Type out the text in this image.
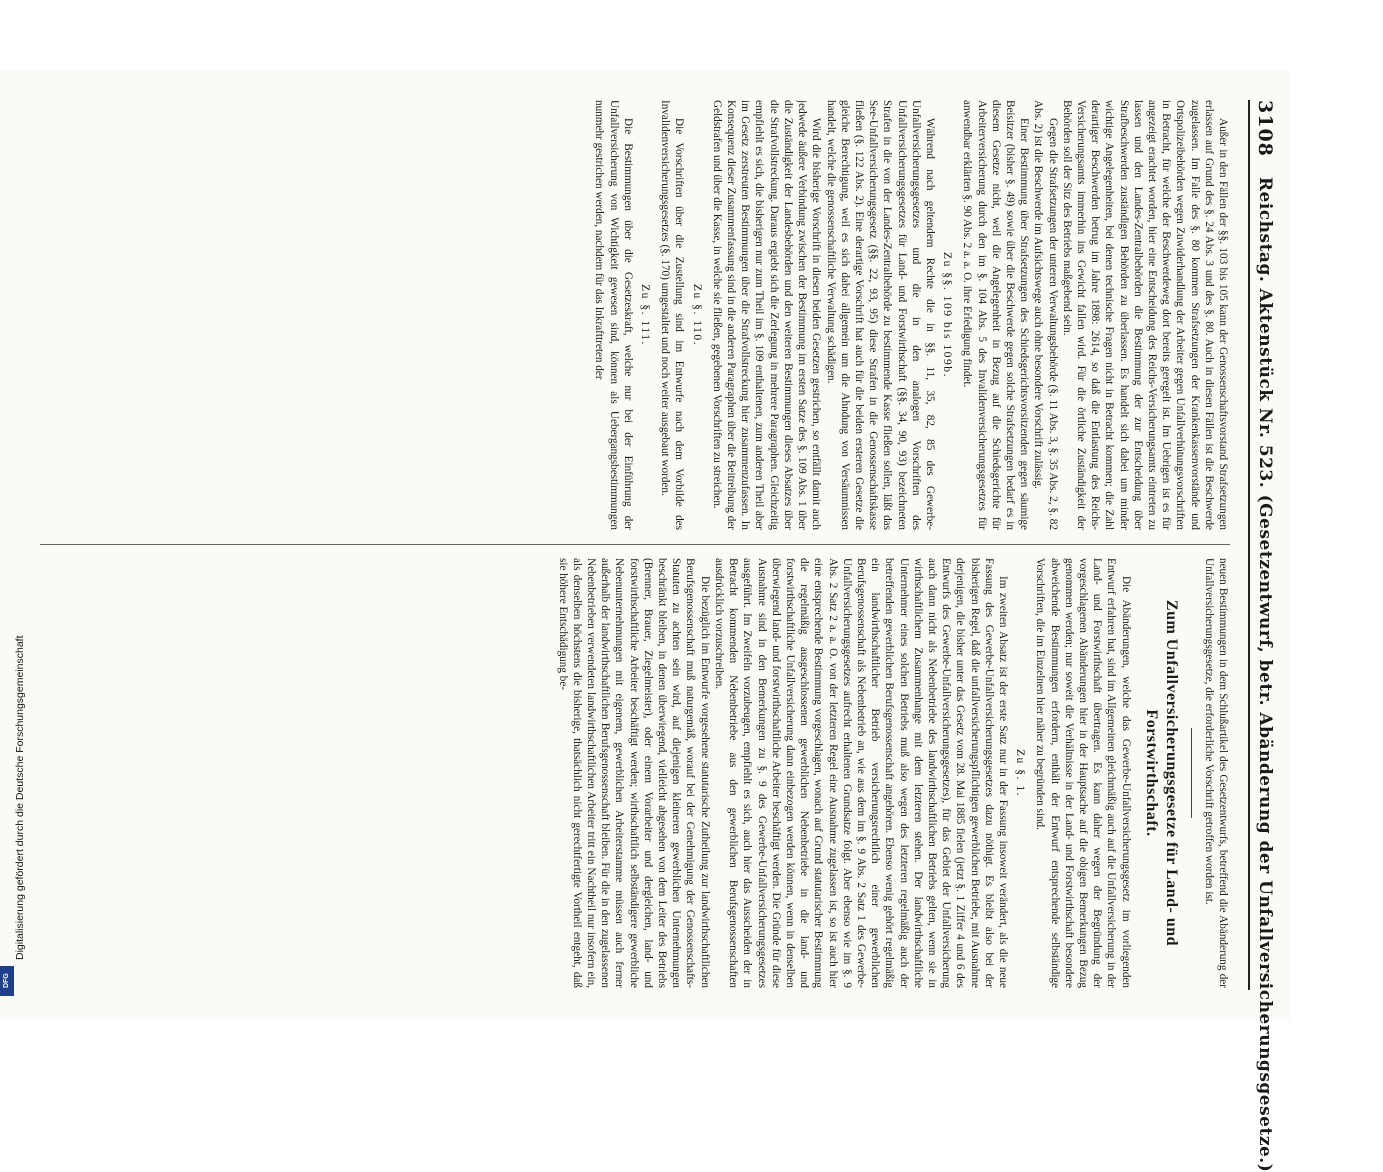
3108
Reichstag. Aktenstück Nr. 523. (Gesetzentwurf, betr. Abänderung der Unfallversicherungsgesetze.)

Außer in den Fällen der §§. 103 bis 105 kann der Genossenschaftsvorstand Strafsetzungen erlassen auf Grund des §. 24 Abs. 3 und des §. 80. Auch in diesen Fällen ist die Beschwerde zugelassen. Im Falle des §. 80 kommen Strafsetzungen der Krankenkassenvorstände und Ortspolizeibehörden wegen Zuwiderhandlung der Arbeiter gegen Unfallverhütungsvorschriften in Betracht, für welche der Beschwerdeweg dort bereits geregelt ist. Im Uebrigen ist es für angezeigt erachtet worden, hier eine Entscheidung des Reichs-Versicherungsamts eintreten zu lassen und den Landes-Zentralbehörden die Bestimmung der zur Entscheidung über Strafbeschwerden zuständigen Behörden zu überlassen. Es handelt sich dabei um minder wichtige Angelegenheiten, bei denen technische Fragen nicht in Betracht kommen; die Zahl derartiger Beschwerden betrug im Jahre 1898: 2614, so daß die Entlastung des Reichs-Versicherungsamts immerhin ins Gewicht fallen wird. Für die örtliche Zuständigkeit der Behörden soll der Sitz des Betriebs maßgebend sein.

Gegen die Strafsetzungen der unteren Verwaltungsbehörde (§. 11 Abs. 3, §. 35 Abs. 2, §. 82 Abs. 2) ist die Beschwerde im Aufsichtswege auch ohne besondere Vorschrift zulässig.

Einer Bestimmung über Strafsetzungen des Schiedsgerichtsvorsitzenden gegen säumige Beisitzer (bisher §. 49) sowie über die Beschwerde gegen solche Strafsetzungen bedarf es in diesem Gesetze nicht, weil die Angelegenheit in Bezug auf die Schiedsgerichte für Arbeiterversicherung durch den im §. 104 Abs. 5 des Invalidenversicherungsgesetzes für anwendbar erklärten §. 90 Abs. 2 a. a. O. ihre Erledigung findet.

Zu §§. 109 bis 109b.

Während nach geltendem Rechte die in §§. 11, 35, 82, 85 des Gewerbe-Unfallversicherungsgesetzes und die in den analogen Vorschriften des Unfallversicherungsgesetzes für Land- und Forstwirthschaft (§§. 34, 90, 93) bezeichneten Strafen in die von der Landes-Zentralbehörde zu bestimmende Kasse fließen sollen, läßt das See-Unfallversicherungsgesetz (§§. 22, 93, 95) diese Strafen in die Genossenschaftskasse fließen (§. 122 Abs. 2). Eine derartige Vorschrift hat auch für die beiden ersteren Gesetze die gleiche Berechtigung, weil es sich dabei allgemein um die Ahndung von Versäumnissen handelt, welche die genossenschaftliche Verwaltung schädigen.

Wird die bisherige Vorschrift in diesen beiden Gesetzen gestrichen, so entfällt damit auch jedwede äußere Verbindung zwischen der Bestimmung im ersten Satze des §. 109 Abs. 1 über die Zuständigkeit der Landesbehörden und den weiteren Bestimmungen dieses Absatzes über die Strafvollstreckung. Daraus ergiebt sich die Zerlegung in mehrere Paragraphen. Gleichzeitig empfiehlt es sich, die bisherigen nur zum Theil im §. 109 enthaltenen, zum anderen Theil aber im Gesetz zerstreuten Bestimmungen über die Strafvollstreckung hier zusammenzufassen. In Konsequenz dieser Zusammenfassung sind in die anderen Paragraphen über die Beitreibung der Geldstrafen und über die Kasse, in welche sie fließen, gegebenen Vorschriften zu streichen.

Zu §. 110.

Die Vorschriften über die Zustellung sind im Entwurfe nach dem Vorbilde des Invalidenversicherungsgesetzes (§. 170) umgestaltet und noch weiter ausgebaut worden.

Zu §. 111.

Die Bestimmungen über die Gesetzeskraft, welche nur bei der Einführung der Unfallversicherung von Wichtigkeit gewesen sind, können als Uebergangsbestimmungen nunmehr gestrichen werden, nachdem für das Inkrafttreten der

neuen Bestimmungen in dem Schlußartikel des Gesetzentwurfs, betreffend die Abänderung der Unfallversicherungsgesetze, die erforderliche Vorschrift getroffen worden ist.

Zum Unfallversicherungsgesetze für Land- und Forstwirthschaft.

Die Abänderungen, welche das Gewerbe-Unfallversicherungsgesetz im vorliegenden Entwurf erfahren hat, sind im Allgemeinen gleichmäßig auch auf die Unfallversicherung in der Land- und Forstwirthschaft übertragen. Es kann daher wegen der Begründung der vorgeschlagenen Abänderungen hier in der Hauptsache auf die obigen Bemerkungen Bezug genommen werden; nur soweit die Verhältnisse in der Land- und Forstwirthschaft besondere abweichende Bestimmungen erfordern, enthält der Entwurf entsprechende selbständige Vorschriften, die im Einzelnen hier näher zu begründen sind.

Zu §. 1.

Im zweiten Absatz ist der erste Satz nur in der Fassung insoweit verändert, als die neue Fassung des Gewerbe-Unfallversicherungsgesetzes dazu nöthigt. Es bleibt also bei der bisherigen Regel, daß die unfallversicherungspflichtigen gewerblichen Betriebe, mit Ausnahme derjenigen, die bisher unter das Gesetz vom 28. Mai 1885 fielen (jetzt §. 1 Ziffer 4 und 6 des Entwurfs des Gewerbe-Unfallversicherungsgesetzes), für das Gebiet der Unfallversicherung auch dann nicht als Nebenbetriebe des landwirthschaftlichen Betriebs gelten, wenn sie in wirthschaftlichem Zusammenhange mit dem letzteren stehen. Der landwirthschaftliche Unternehmer eines solchen Betriebs muß also wegen des letzteren regelmäßig auch der betreffenden gewerblichen Berufsgenossenschaft angehören. Ebenso wenig gehört regelmäßig ein landwirthschaftlicher Betrieb versicherungsrechtlich einer gewerblichen Berufsgenossenschaft als Nebenbetrieb an, wie aus dem im §. 9 Abs. 2 Satz 1 des Gewerbe-Unfallversicherungsgesetzes aufrecht erhaltenen Grundsatze folgt. Aber ebenso wie im §. 9 Abs. 2 Satz 2 a. a. O. von der letzteren Regel eine Ausnahme zugelassen ist, so ist auch hier eine entsprechende Bestimmung vorgeschlagen, wonach auf Grund statutarischer Bestimmung die regelmäßig ausgeschlossenen gewerblichen Nebenbetriebe in die land- und forstwirthschaftliche Unfallversicherung dann einbezogen werden können, wenn in denselben überwiegend land- und forstwirthschaftliche Arbeiter beschäftigt werden. Die Gründe für diese Ausnahme sind in den Bemerkungen zu §. 9 des Gewerbe-Unfallversicherungsgesetzes ausgeführt. Im Zweifeln vorzubeugen, empfiehlt es sich, auch hier das Ausscheiden der in Betracht kommenden Nebenbetriebe aus den gewerblichen Berufsgenossenschaften ausdrücklich vorzuschreiben.

Die bezüglich im Entwurfe vorgesehene statutarische Zutheilung zur landwirthschaftlichen Berufsgenossenschaft muß naturgemäß, worauf bei der Genehmigung der Genossenschafts-Statuten zu achten sein wird, auf diejenigen kleineren gewerblichen Unternehmungen beschränkt bleiben, in denen überwiegend, vielleicht abgesehen von dem Leiter des Betriebs (Brenner, Brauer, Ziegelmeister), oder einem Vorarbeiter und dergleichen, land- und forstwirthschaftliche Arbeiter beschäftigt werden; wirthschaftlich selbständigere gewerbliche Nebenunternehmungen mit eigenem, gewerblichen Arbeiterstamme müssen auch ferner außerhalb der landwirthschaftlichen Berufsgenossenschaft bleiben. Für die in den zugelassenen Nebenbetrieben verwendeten landwirthschaftlichen Arbeiter tritt ein Nachtheil nur insofern ein, als denselben höchstens die bisherige, thatsächlich nicht gerechtfertigte Vortheil entgeht, daß sie höhere Entschädigung be-

Digitalisierung gefördert durch die Deutsche Forschungsgemeinschaft
DFG
